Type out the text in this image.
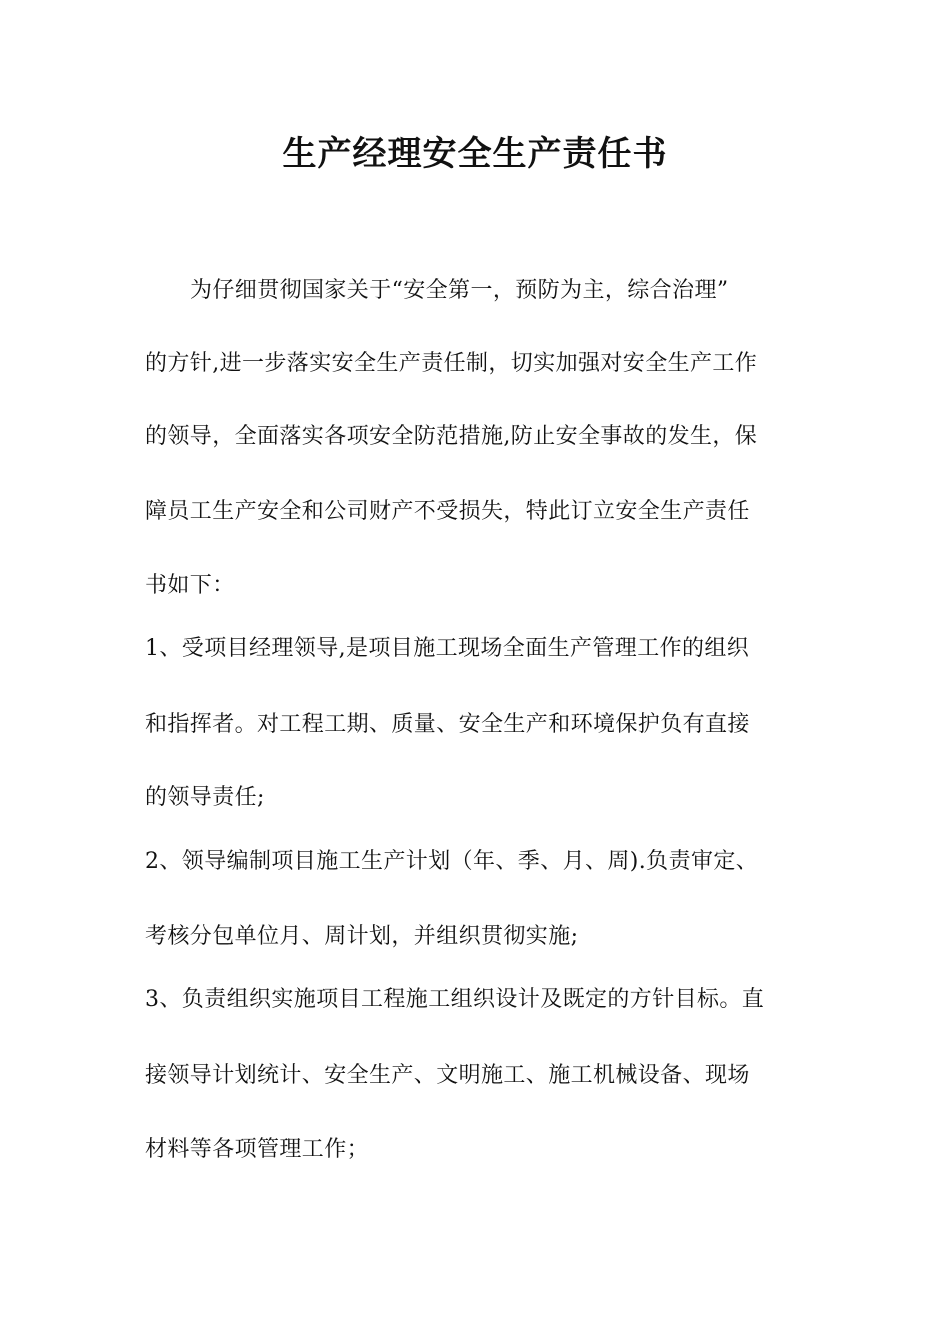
生产经理安全生产责任书
为仔细贯彻国家关于“安全第一，预防为主，综合治理”
的方针,进一步落实安全生产责任制，切实加强对安全生产工作
的领导，全面落实各项安全防范措施,防止安全事故的发生，保
障员工生产安全和公司财产不受损失，特此订立安全生产责任
书如下：
1、受项目经理领导,是项目施工现场全面生产管理工作的组织
和指挥者。对工程工期、质量、安全生产和环境保护负有直接
的领导责任;
2、领导编制项目施工生产计划（年、季、月、周).负责审定、
考核分包单位月、周计划，并组织贯彻实施;
3、负责组织实施项目工程施工组织设计及既定的方针目标。直
接领导计划统计、安全生产、文明施工、施工机械设备、现场
材料等各项管理工作；
